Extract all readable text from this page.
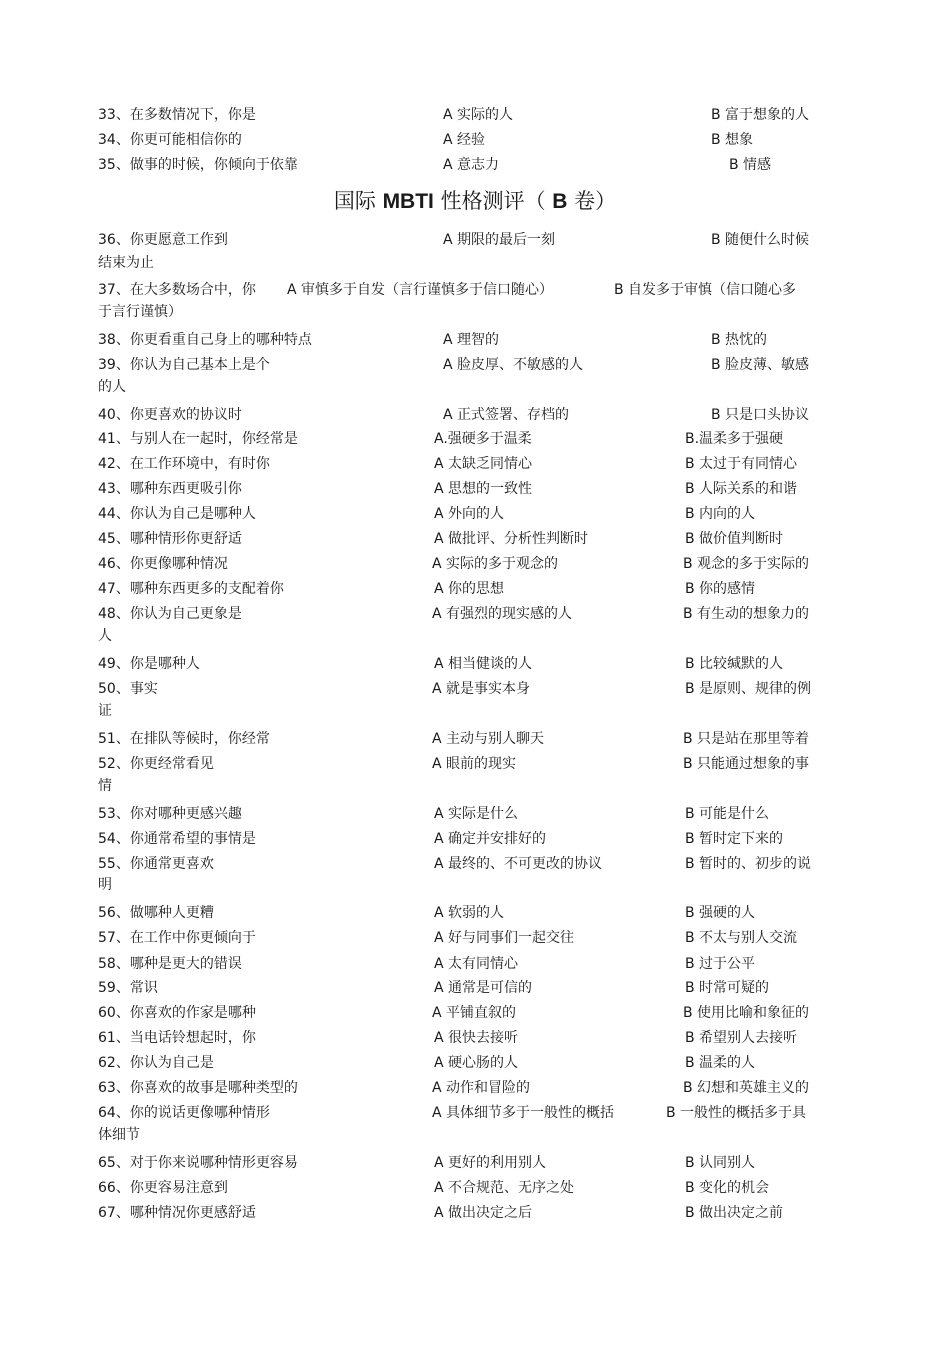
国际 MBTI 性格测评（ B 卷）
33、在多数情况下，你是	A 实际的人	B 富于想象的人
34、你更可能相信你的	A 经验	B 想象
35、做事的时候，你倾向于依靠	A 意志力	B 情感
36、你更愿意工作到	A 期限的最后一刻	B 随便什么时候
结束为止
37、在大多数场合中，你 A 审慎多于自发（言行谨慎多于信口随心）	B 自发多于审慎（信口随心多
于言行谨慎）
38、你更看重自己身上的哪种特点	A 理智的	B 热忱的
39、你认为自己基本上是个	A 脸皮厚、不敏感的人	B 脸皮薄、敏感
的人
40、你更喜欢的协议时	A 正式签署、存档的	B 只是口头协议
41、与别人在一起时，你经常是	A.强硬多于温柔	B.温柔多于强硬
42、在工作环境中，有时你	A 太缺乏同情心	B 太过于有同情心
43、哪种东西更吸引你	A 思想的一致性	B 人际关系的和谐
44、你认为自己是哪种人	A 外向的人	B 内向的人
45、哪种情形你更舒适	A 做批评、分析性判断时	B 做价值判断时
46、你更像哪种情况	A 实际的多于观念的	B 观念的多于实际的
47、哪种东西更多的支配着你	A 你的思想	B 你的感情
48、你认为自己更象是	A 有强烈的现实感的人	B 有生动的想象力的
人
49、你是哪种人	A 相当健谈的人	B 比较缄默的人
50、事实	A 就是事实本身	B 是原则、规律的例
证
51、在排队等候时，你经常	A 主动与别人聊天	B 只是站在那里等着
52、你更经常看见	A 眼前的现实	B 只能通过想象的事
情
53、你对哪种更感兴趣	A 实际是什么	B 可能是什么
54、你通常希望的事情是	A 确定并安排好的	B 暂时定下来的
55、你通常更喜欢	A 最终的、不可更改的协议	B 暂时的、初步的说
明
56、做哪种人更糟	A 软弱的人	B 强硬的人
57、在工作中你更倾向于	A 好与同事们一起交往	B 不太与别人交流
58、哪种是更大的错误	A 太有同情心	B 过于公平
59、常识	A 通常是可信的	B 时常可疑的
60、你喜欢的作家是哪种	A 平铺直叙的	B 使用比喻和象征的
61、当电话铃想起时，你	A 很快去接听	B 希望别人去接听
62、你认为自己是	A 硬心肠的人	B 温柔的人
63、你喜欢的故事是哪种类型的	A 动作和冒险的	B 幻想和英雄主义的
64、你的说话更像哪种情形	A 具体细节多于一般性的概括	B 一般性的概括多于具
体细节
65、对于你来说哪种情形更容易	A 更好的利用别人	B 认同别人
66、你更容易注意到	A 不合规范、无序之处	B 变化的机会
67、哪种情况你更感舒适	A 做出决定之后	B 做出决定之前
